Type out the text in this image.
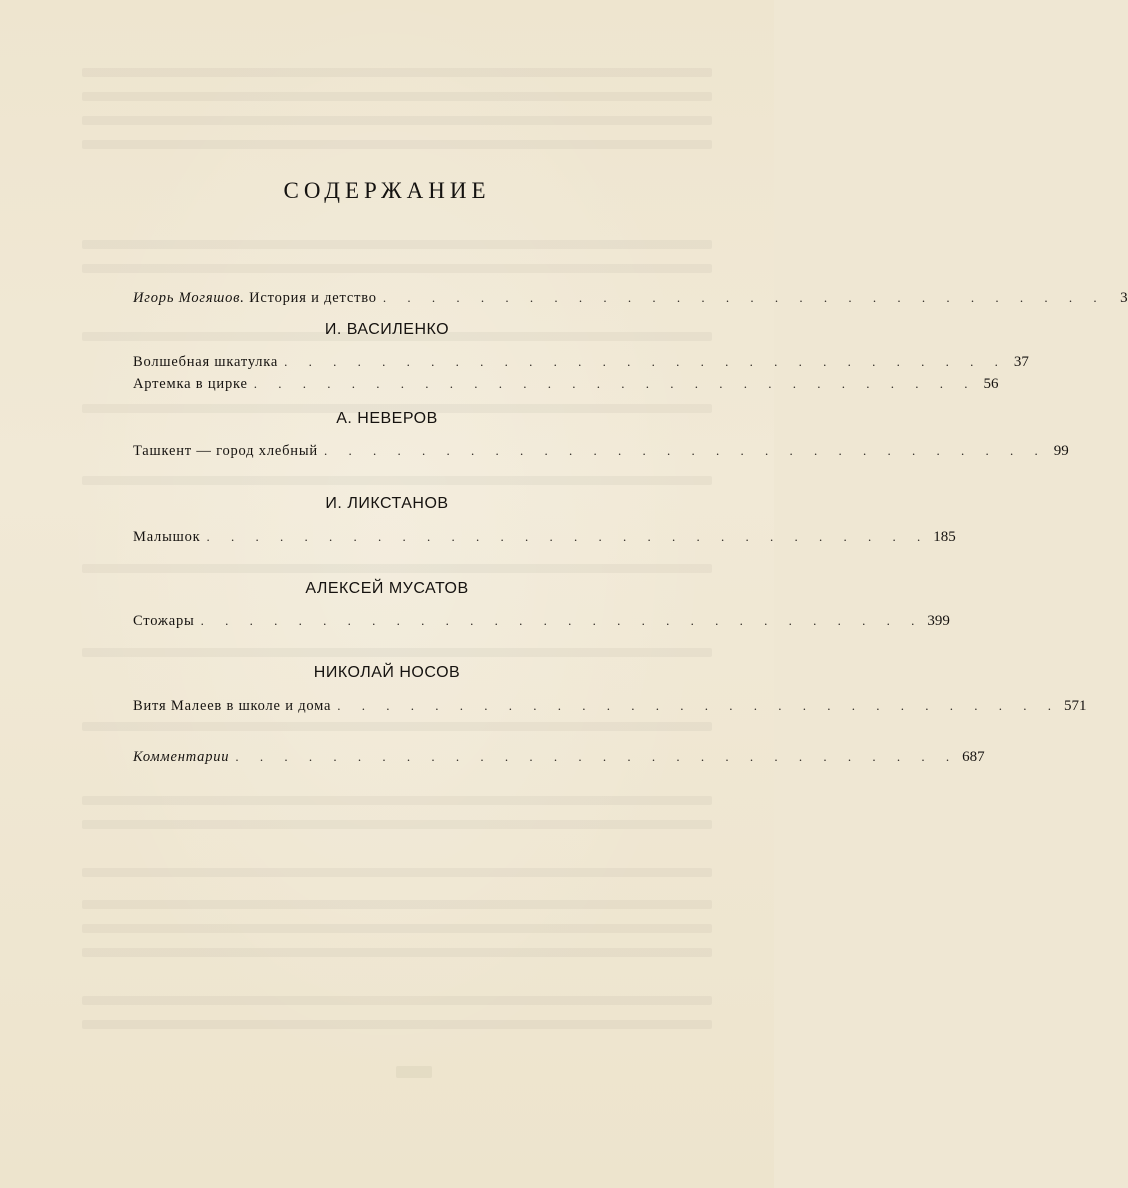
СОДЕРЖАНИЕ
Игорь Могяшов. История и детство . . . . . . . . . . . . . . . . . . . . . . . . . . . . . . 3
И. ВАСИЛЕНКО
Волшебная шкатулка . . . . . . . . . . . . . . . . . . . . . . . . . . . . . . 37
Артемка в цирке . . . . . . . . . . . . . . . . . . . . . . . . . . . . . . 56
А. НЕВЕРОВ
Ташкент — город хлебный . . . . . . . . . . . . . . . . . . . . . . . . . . . . . . 99
И. ЛИКСТАНОВ
Малышок . . . . . . . . . . . . . . . . . . . . . . . . . . . . . . 185
АЛЕКСЕЙ МУСАТОВ
Стожары . . . . . . . . . . . . . . . . . . . . . . . . . . . . . . 399
НИКОЛАЙ НОСОВ
Витя Малеев в школе и дома . . . . . . . . . . . . . . . . . . . . . . . . . . . . . . 571
Комментарии . . . . . . . . . . . . . . . . . . . . . . . . . . . . . . 687
